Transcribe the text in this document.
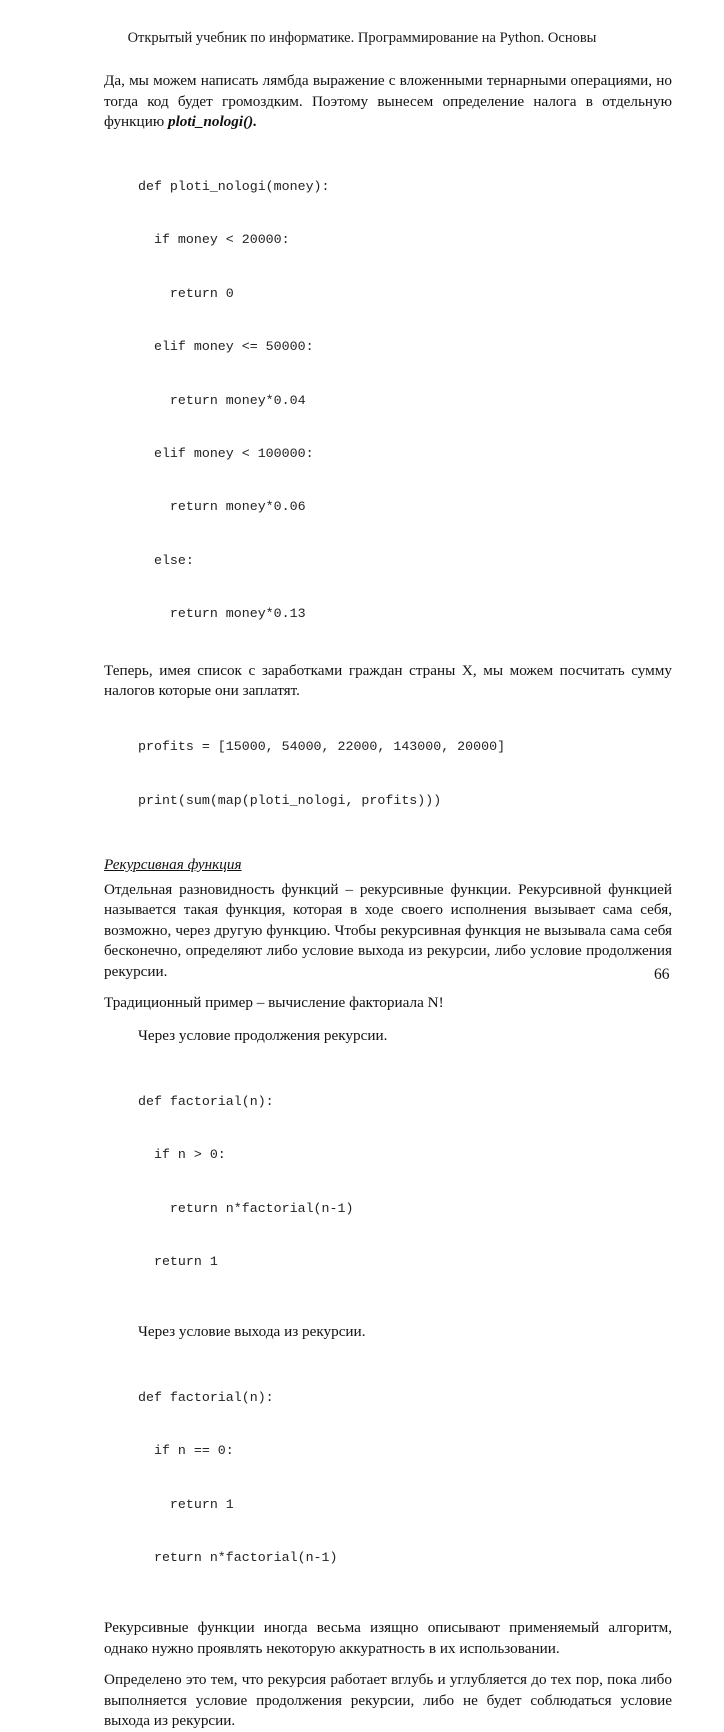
Открытый учебник по информатике. Программирование на Python. Основы

Да, мы можем написать лямбда выражение с вложенными тернарными операциями, но тогда код будет громоздким. Поэтому вынесем определение налога в отдельную функцию ploti_nologi().

def ploti_nologi(money):

if money < 20000:

return 0

elif money <= 50000:

return money*0.04

elif money < 100000:

return money*0.06

else:

return money*0.13

Теперь, имея список с заработками граждан страны X, мы можем посчитать сумму налогов которые они заплатят.

profits = [15000, 54000, 22000, 143000, 20000]

print(sum(map(ploti_nologi, profits)))

Рекурсивная функция

Отдельная разновидность функций – рекурсивные функции. Рекурсивной функцией называется такая функция, которая в ходе своего исполнения вызывает сама себя, возможно, через другую функцию. Чтобы рекурсивная функция не вызывала сама себя бесконечно, определяют либо условие выхода из рекурсии, либо условие продолжения рекурсии.

Традиционный пример – вычисление факториала N!

Через условие продолжения рекурсии.

def factorial(n):

if n > 0:

return n*factorial(n-1)

return 1

Через условие выхода из рекурсии.

def factorial(n):

if n == 0:

return 1

return n*factorial(n-1)

Рекурсивные функции иногда весьма изящно описывают применяемый алгоритм, однако нужно проявлять некоторую аккуратность в их использовании.

Определено это тем, что рекурсия работает вглубь и углубляется до тех пор, пока либо выполняется условие продолжения рекурсии, либо не будет соблюдаться условие выхода из рекурсии.

66
